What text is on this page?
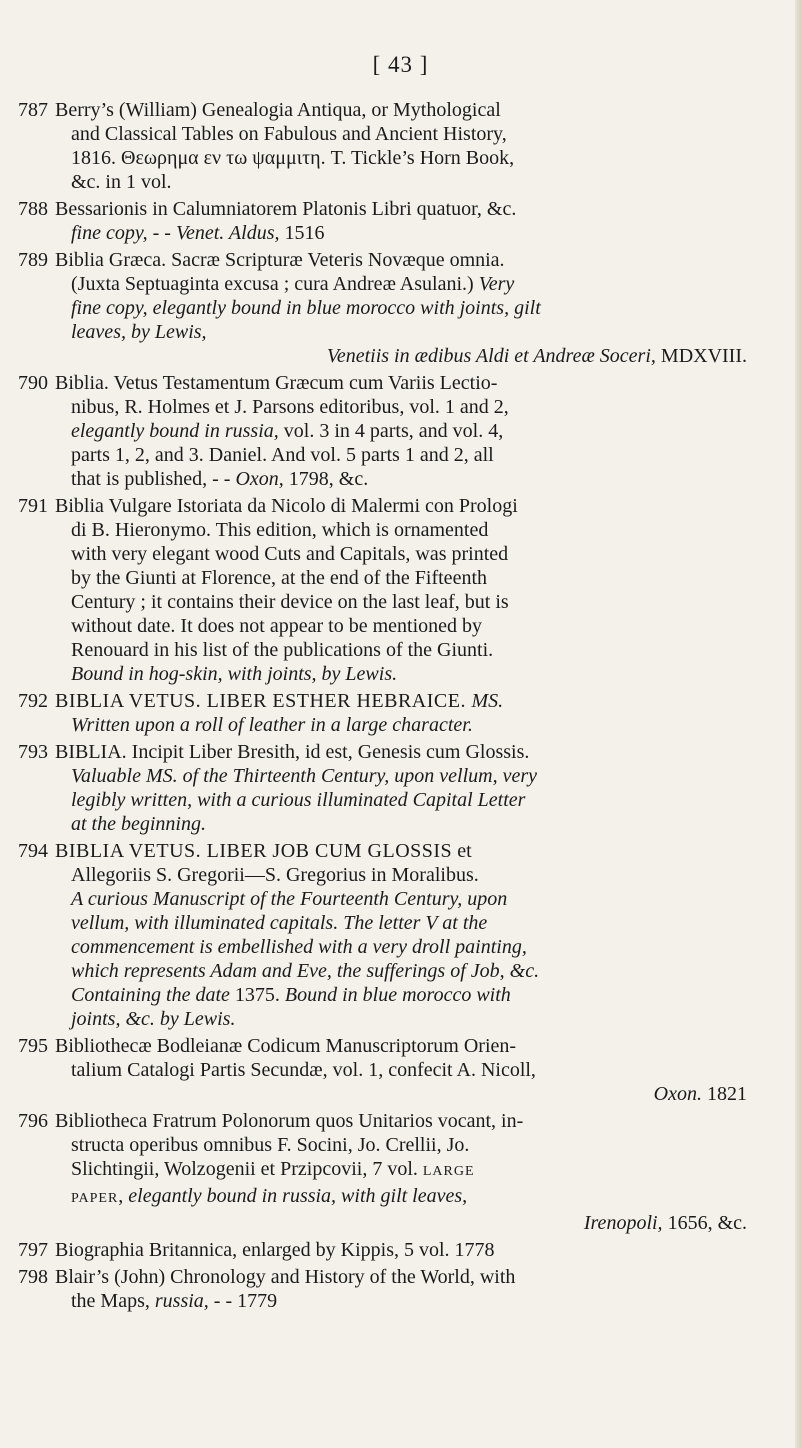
[ 43 ]
787 Berry’s (William) Genealogia Antiqua, or Mythological
and Classical Tables on Fabulous and Ancient History,
1816. Θεωρημα εν τω ψαμμιτη. T. Tickle’s Horn Book,
&c. in 1 vol.
788 Bessarionis in Calumniatorem Platonis Libri quatuor, &c.
fine copy, - - Venet. Aldus, 1516
789 Biblia Græca. Sacræ Scripturæ Veteris Novæque omnia.
(Juxta Septuaginta excusa ; cura Andreæ Asulani.) Very
fine copy, elegantly bound in blue morocco with joints, gilt
leaves, by Lewis,
Venetiis in ædibus Aldi et Andreæ Soceri, MDXVIII.
790 Biblia. Vetus Testamentum Græcum cum Variis Lectio-
nibus, R. Holmes et J. Parsons editoribus, vol. 1 and 2,
elegantly bound in russia, vol. 3 in 4 parts, and vol. 4,
parts 1, 2, and 3. Daniel. And vol. 5 parts 1 and 2, all
that is published, - - Oxon, 1798, &c.
791 Biblia Vulgare Istoriata da Nicolo di Malermi con Prologi
di B. Hieronymo. This edition, which is ornamented
with very elegant wood Cuts and Capitals, was printed
by the Giunti at Florence, at the end of the Fifteenth
Century ; it contains their device on the last leaf, but is
without date. It does not appear to be mentioned by
Renouard in his list of the publications of the Giunti.
Bound in hog-skin, with joints, by Lewis.
792 BIBLIA VETUS. LIBER ESTHER HEBRAICE. MS.
Written upon a roll of leather in a large character.
793 BIBLIA. Incipit Liber Bresith, id est, Genesis cum Glossis.
Valuable MS. of the Thirteenth Century, upon vellum, very
legibly written, with a curious illuminated Capital Letter
at the beginning.
794 BIBLIA VETUS. LIBER JOB CUM GLOSSIS et
Allegoriis S. Gregorii—S. Gregorius in Moralibus.
A curious Manuscript of the Fourteenth Century, upon
vellum, with illuminated capitals. The letter V at the
commencement is embellished with a very droll painting,
which represents Adam and Eve, the sufferings of Job, &c.
Containing the date 1375. Bound in blue morocco with
joints, &c. by Lewis.
795 Bibliothecæ Bodleianæ Codicum Manuscriptorum Orien-
talium Catalogi Partis Secundæ, vol. 1, confecit A. Nicoll,
Oxon. 1821
796 Bibliotheca Fratrum Polonorum quos Unitarios vocant, in-
structa operibus omnibus F. Socini, Jo. Crellii, Jo.
Slichtingii, Wolzogenii et Przipcovii, 7 vol. LARGE
PAPER, elegantly bound in russia, with gilt leaves,
Irenopoli, 1656, &c.
797 Biographia Britannica, enlarged by Kippis, 5 vol. 1778
798 Blair’s (John) Chronology and History of the World, with
the Maps, russia, - - 1779
